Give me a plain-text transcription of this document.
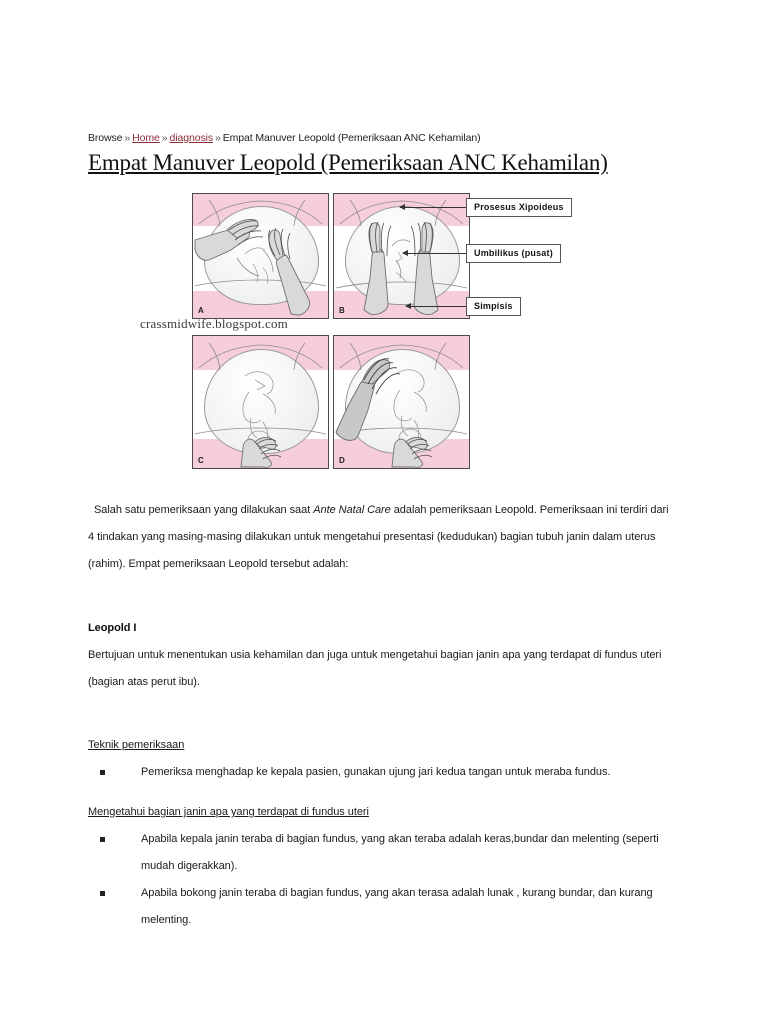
Browse » Home » diagnosis » Empat Manuver Leopold (Pemeriksaan ANC Kehamilan)
Empat Manuver Leopold (Pemeriksaan ANC Kehamilan)
A	B
crassmidwife.blogspot.com
C	D
Prosesus Xipoideus
Umbilikus (pusat)
Simpisis

Salah satu pemeriksaan yang dilakukan saat Ante Natal Care adalah pemeriksaan Leopold. Pemeriksaan ini terdiri dari 4 tindakan yang masing-masing dilakukan untuk mengetahui presentasi (kedudukan) bagian tubuh janin dalam uterus (rahim). Empat pemeriksaan Leopold tersebut adalah:

Leopold I

Bertujuan untuk menentukan usia kehamilan dan juga untuk mengetahui bagian janin apa yang terdapat di fundus uteri (bagian atas perut ibu).

Teknik pemeriksaan
Pemeriksa menghadap ke kepala pasien, gunakan ujung jari kedua tangan untuk meraba fundus.
Mengetahui bagian janin apa yang terdapat di fundus uteri
Apabila kepala janin teraba di bagian fundus, yang akan teraba adalah keras,bundar dan melenting (seperti mudah digerakkan).
Apabila bokong janin teraba di bagian fundus, yang akan terasa adalah lunak , kurang bundar, dan kurang melenting.
